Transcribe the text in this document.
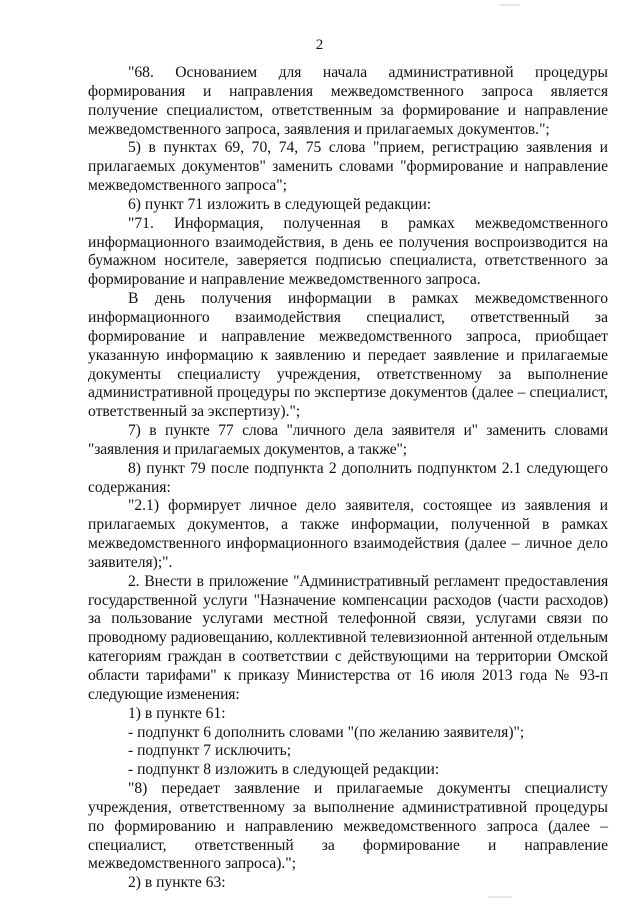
2

"68. Основанием для начала административной процедуры формирования и направления межведомственного запроса является получение специалистом, ответственным за формирование и направление межведомственного запроса, заявления и прилагаемых документов.";

5) в пунктах 69, 70, 74, 75 слова "прием, регистрацию заявления и прилагаемых документов" заменить словами "формирование и направление межведомственного запроса";

6) пункт 71 изложить в следующей редакции:

"71. Информация, полученная в рамках межведомственного информационного взаимодействия, в день ее получения воспроизводится на бумажном носителе, заверяется подписью специалиста, ответственного за формирование и направление межведомственного запроса.

В день получения информации в рамках межведомственного информационного взаимодействия специалист, ответственный за формирование и направление межведомственного запроса, приобщает указанную информацию к заявлению и передает заявление и прилагаемые документы специалисту учреждения, ответственному за выполнение административной процедуры по экспертизе документов (далее – специалист, ответственный за экспертизу).";

7) в пункте 77 слова "личного дела заявителя и" заменить словами "заявления и прилагаемых документов, а также";

8) пункт 79 после подпункта 2 дополнить подпунктом 2.1 следующего содержания:

"2.1) формирует личное дело заявителя, состоящее из заявления и прилагаемых документов, а также информации, полученной в рамках межведомственного информационного взаимодействия (далее – личное дело заявителя);".

2. Внести в приложение "Административный регламент предоставления государственной услуги "Назначение компенсации расходов (части расходов) за пользование услугами местной телефонной связи, услугами связи по проводному радиовещанию, коллективной телевизионной антенной отдельным категориям граждан в соответствии с действующими на территории Омской области тарифами" к приказу Министерства от 16 июля 2013 года № 93-п следующие изменения:

1) в пункте 61:

- подпункт 6 дополнить словами "(по желанию заявителя)";

- подпункт 7 исключить;

- подпункт 8 изложить в следующей редакции:

"8) передает заявление и прилагаемые документы специалисту учреждения, ответственному за выполнение административной процедуры по формированию и направлению межведомственного запроса (далее – специалист, ответственный за формирование и направление межведомственного запроса).";

2) в пункте 63:
